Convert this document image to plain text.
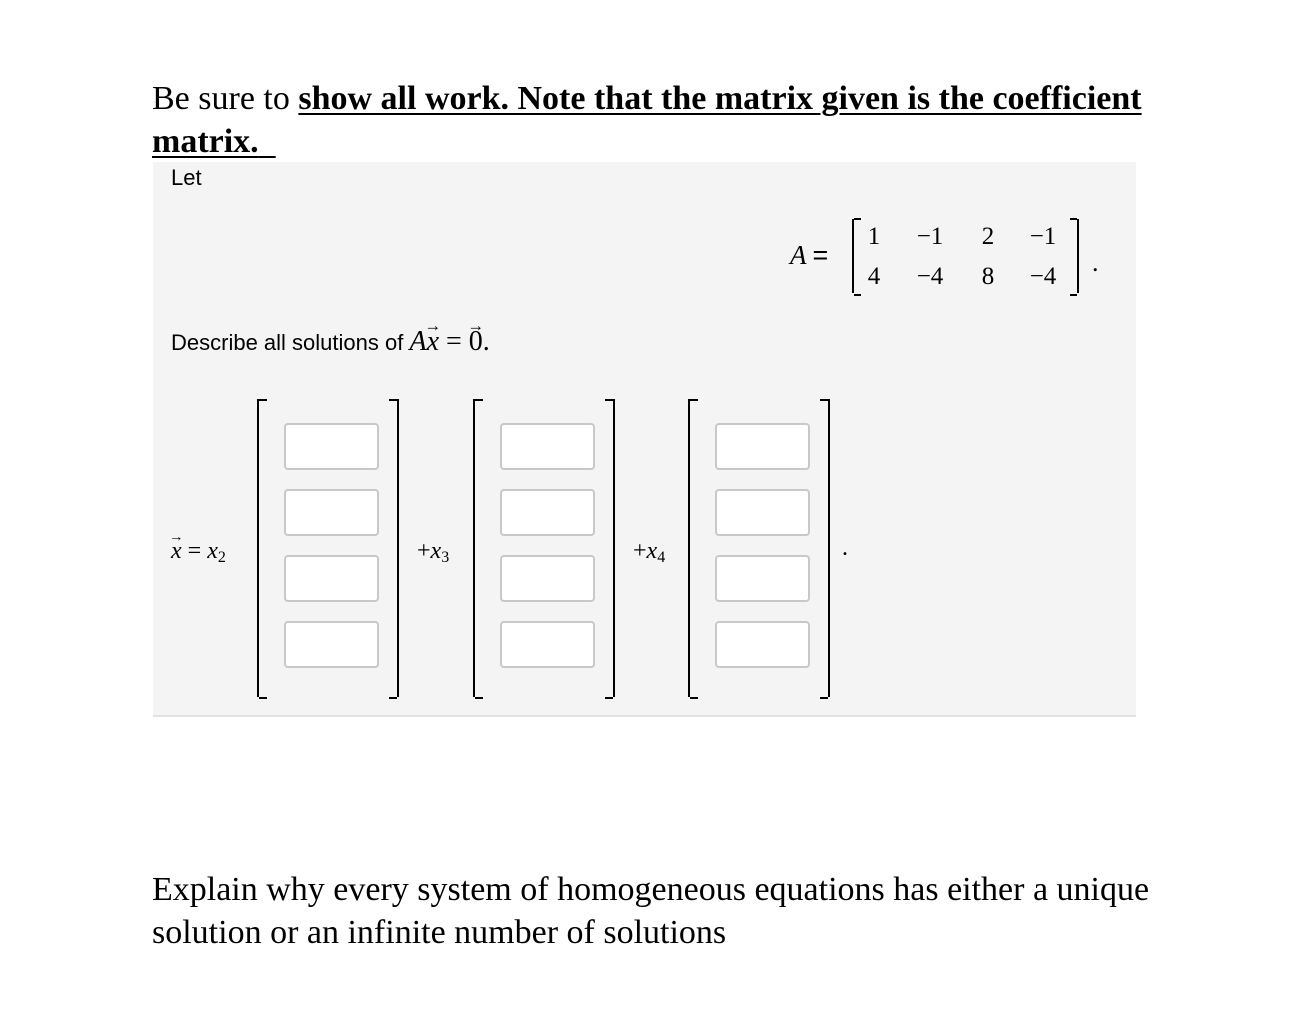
Be sure to show all work. Note that the matrix given is the coefficient matrix.

Let
A =
1	−1	2	−1
4	−4	8	−4	.
Describe all solutions of Ax → = 0 →.
x → = $x_2$	$+x_3$	$+x_4$	.

Explain why every system of homogeneous equations has either a unique solution or an infinite number of solutions
